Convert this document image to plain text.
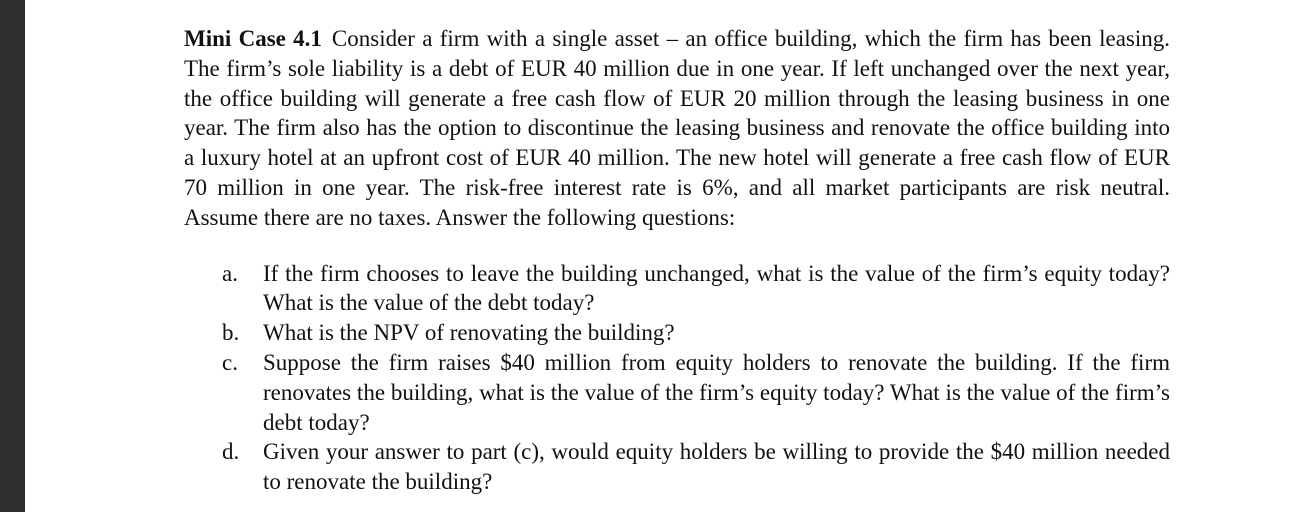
Mini Case 4.1 Consider a firm with a single asset – an office building, which the firm has been leasing. The firm’s sole liability is a debt of EUR 40 million due in one year. If left unchanged over the next year, the office building will generate a free cash flow of EUR 20 million through the leasing business in one year. The firm also has the option to discontinue the leasing business and renovate the office building into a luxury hotel at an upfront cost of EUR 40 million. The new hotel will generate a free cash flow of EUR 70 million in one year. The risk-free interest rate is 6%, and all market participants are risk neutral. Assume there are no taxes. Answer the following questions:

a. If the firm chooses to leave the building unchanged, what is the value of the firm’s equity today? What is the value of the debt today?
b. What is the NPV of renovating the building?
c. Suppose the firm raises $40 million from equity holders to renovate the building. If the firm renovates the building, what is the value of the firm’s equity today? What is the value of the firm’s debt today?
d. Given your answer to part (c), would equity holders be willing to provide the $40 million needed to renovate the building?
